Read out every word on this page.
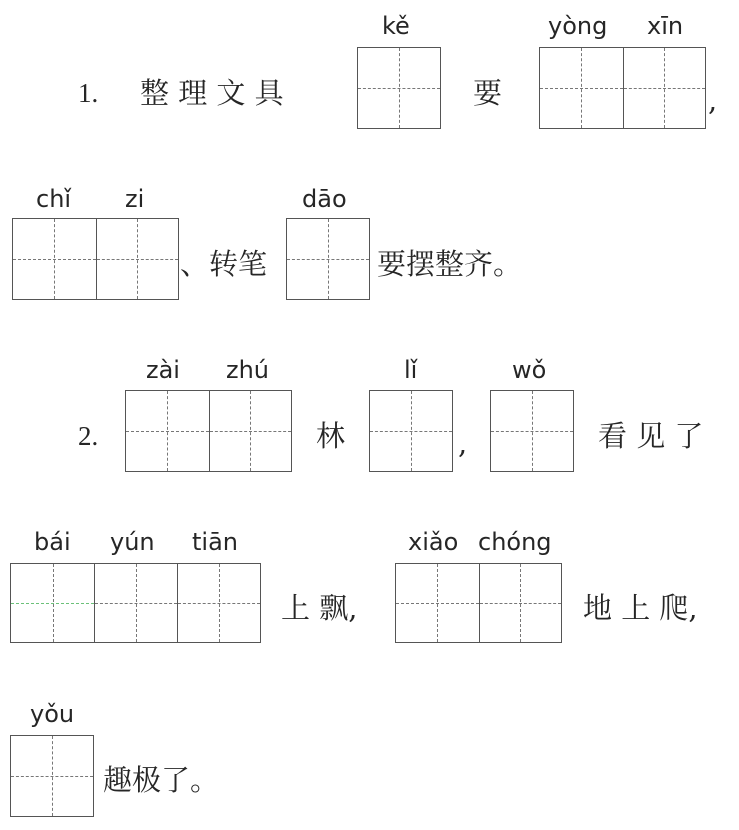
1. 整 理 文 具
kě
要
yòng xīn
,
chǐ zi
、转笔
dāo
要摆整齐。
2.
zài zhú
林
lǐ
,
wǒ
看 见 了
bái yún tiān
上 飘,
xiǎo chóng
地 上 爬,
yǒu
趣极了。
